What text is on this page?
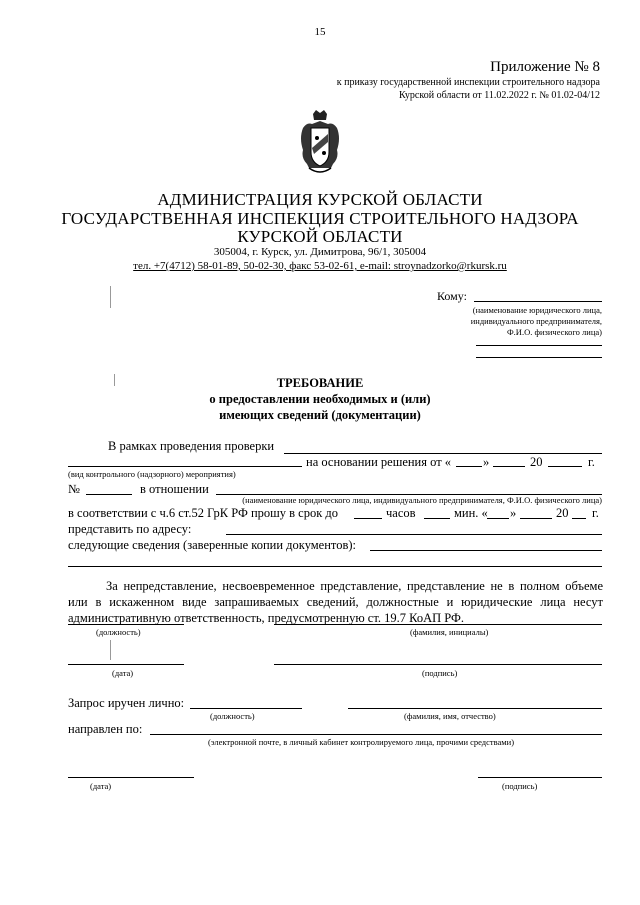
15
Приложение № 8
к приказу государственной инспекции строительного надзора
Курской области от 11.02.2022 г. № 01.02-04/12
АДМИНИСТРАЦИЯ КУРСКОЙ ОБЛАСТИ
ГОСУДАРСТВЕННАЯ ИНСПЕКЦИЯ СТРОИТЕЛЬНОГО НАДЗОРА
КУРСКОЙ ОБЛАСТИ
305004, г. Курск, ул. Димитрова, 96/1, 305004
тел. +7(4712) 58-01-89, 50-02-30, факс 53-02-61, e-mail: stroynadzorko@rkursk.ru
Кому:
(наименование юридического лица,
индивидуального предпринимателя,
Ф.И.О. физического лица)
ТРЕБОВАНИЕ
о предоставлении необходимых и (или)
имеющих сведений (документации)
В рамках проведения проверки
на основании решения от «	»	20	г.
(вид контрольного (надзорного) мероприятия)
№	в отношении
(наименование юридического лица, индивидуального предпринимателя, Ф.И.О. физического лица)
в соответствии с ч.6 ст.52 ГрК РФ прошу в срок до	часов	мин. « »	20 г.
представить по адресу:
следующие сведения (заверенные копии документов):
За непредставление, несвоевременное представление, представление не в полном объеме или в искаженном виде запрашиваемых сведений, должностные и юридические лица несут административную ответственность, предусмотренную ст. 19.7 КоАП РФ.
(должность)	(фамилия, инициалы)
(дата)	(подпись)
Запрос иручен лично:
(должность)	(фамилия, имя, отчество)
направлен по:
(электронной почте, в личный кабинет контролируемого лица, прочими средствами)
(дата)	(подпись)
